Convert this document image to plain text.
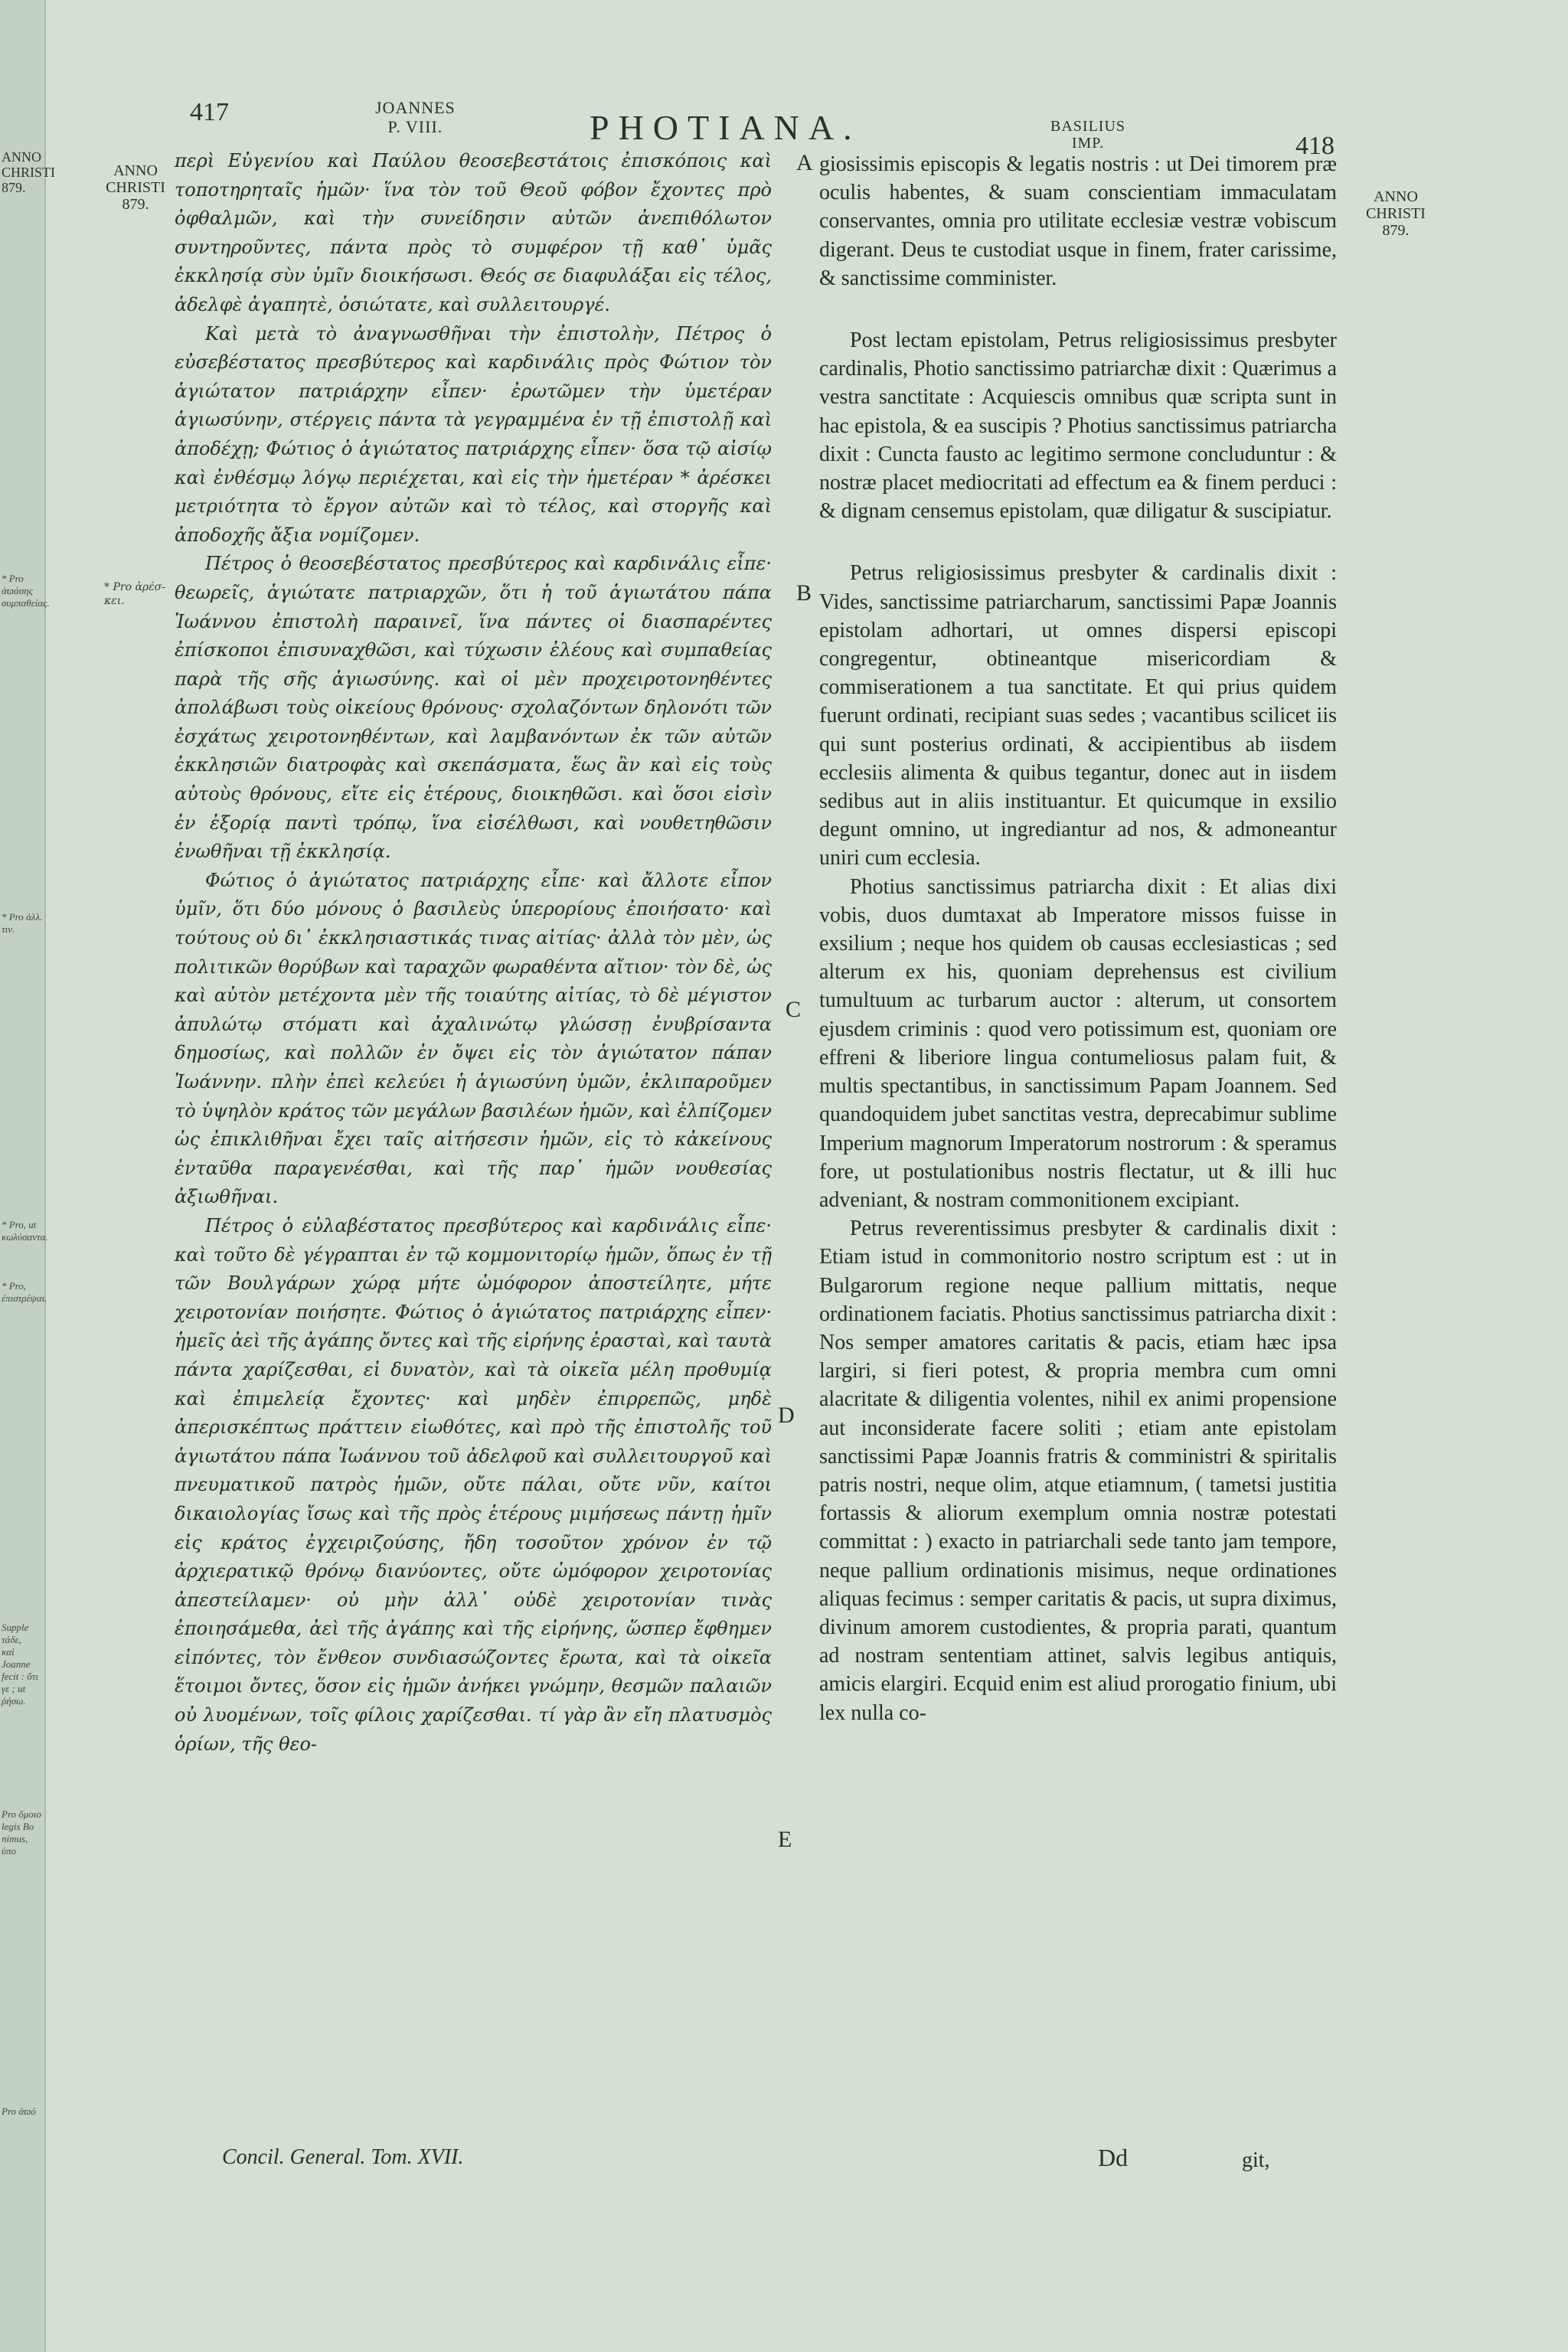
ANNO
CHRISTI
879.
* Pro ἀϖάσης
συμπαθείας.
* Pro ἀλλ.
τιν.
* Pro, ut
κωλύσαντα.
* Pro, ἐπιστρέψαι.
Supple
τάδε,
καὶ Joanne
fecit : ὅτι
γε ; ut
ῥήσω.
Pro ὅμοιο
legis Bo
nimus, ὑπο
Pro ἀϖό
417	JOANNES
P. VIII.	PHOTIANA.	BASILIUS
IMP.	418
ANNO
CHRISTI
879.	ANNO
CHRISTI
879.
* Pro ἀρέσ-
κει.

περὶ Εὐγενίου καὶ Παύλου θεοσεβεστάτοις ἐπισκόποις καὶ τοποτηρηταῖς ἡμῶν· ἵνα τὸν τοῦ Θεοῦ φόβον ἔχοντες πρὸ ὀφθαλμῶν, καὶ τὴν συνείδησιν αὐτῶν ἀνεπιθόλωτον συντηροῦντες, πάντα πρὸς τὸ συμφέρον τῇ καθ᾽ ὑμᾶς ἐκκλησίᾳ σὺν ὑμῖν διοικήσωσι. Θεός σε διαφυλάξαι εἰς τέλος, ἀδελφὲ ἀγαπητὲ, ὁσιώτατε, καὶ συλλειτουργέ.

Καὶ μετὰ τὸ ἀναγνωσθῆναι τὴν ἐπιστολὴν, Πέτρος ὁ εὐσεβέστατος πρεσβύτερος καὶ καρδινάλις πρὸς Φώτιον τὸν ἁγιώτατον πατριάρχην εἶπεν· ἐρωτῶμεν τὴν ὑμετέραν ἁγιωσύνην, στέργεις πάντα τὰ γεγραμμένα ἐν τῇ ἐπιστολῇ καὶ ἀποδέχῃ; Φώτιος ὁ ἁγιώτατος πατριάρχης εἶπεν· ὅσα τῷ αἰσίῳ καὶ ἐνθέσμῳ λόγῳ περιέχεται, καὶ εἰς τὴν ἡμετέραν * ἀρέσκει μετριότητα τὸ ἔργον αὐτῶν καὶ τὸ τέλος, καὶ στοργῆς καὶ ἀποδοχῆς ἄξια νομίζομεν.

Πέτρος ὁ θεοσεβέστατος πρεσβύτερος καὶ καρδινάλις εἶπε· θεωρεῖς, ἁγιώτατε πατριαρχῶν, ὅτι ἡ τοῦ ἁγιωτάτου πάπα Ἰωάννου ἐπιστολὴ παραινεῖ, ἵνα πάντες οἱ διασπαρέντες ἐπίσκοποι ἐπισυναχθῶσι, καὶ τύχωσιν ἐλέους καὶ συμπαθείας παρὰ τῆς σῆς ἁγιωσύνης. καὶ οἱ μὲν προχειροτονηθέντες ἀπολάβωσι τοὺς οἰκείους θρόνους· σχολαζόντων δηλονότι τῶν ἐσχάτως χειροτονηθέντων, καὶ λαμβανόντων ἐκ τῶν αὐτῶν ἐκκλησιῶν διατροφὰς καὶ σκεπάσματα, ἕως ἂν καὶ εἰς τοὺς αὐτοὺς θρόνους, εἴτε εἰς ἑτέρους, διοικηθῶσι. καὶ ὅσοι εἰσὶν ἐν ἐξορίᾳ παντὶ τρόπῳ, ἵνα εἰσέλθωσι, καὶ νουθετηθῶσιν ἑνωθῆναι τῇ ἐκκλησίᾳ.

Φώτιος ὁ ἁγιώτατος πατριάρχης εἶπε· καὶ ἄλλοτε εἶπον ὑμῖν, ὅτι δύο μόνους ὁ βασιλεὺς ὑπερορίους ἐποιήσατο· καὶ τούτους οὐ δι᾽ ἐκκλησιαστικάς τινας αἰτίας· ἀλλὰ τὸν μὲν, ὡς πολιτικῶν θορύβων καὶ ταραχῶν φωραθέντα αἴτιον· τὸν δὲ, ὡς καὶ αὐτὸν μετέχοντα μὲν τῆς τοιαύτης αἰτίας, τὸ δὲ μέγιστον ἀπυλώτῳ στόματι καὶ ἀχαλινώτῳ γλώσσῃ ἐνυβρίσαντα δημοσίως, καὶ πολλῶν ἐν ὄψει εἰς τὸν ἁγιώτατον πάπαν Ἰωάννην. πλὴν ἐπεὶ κελεύει ἡ ἁγιωσύνη ὑμῶν, ἐκλιπαροῦμεν τὸ ὑψηλὸν κράτος τῶν μεγάλων βασιλέων ἡμῶν, καὶ ἐλπίζομεν ὡς ἐπικλιθῆναι ἔχει ταῖς αἰτήσεσιν ἡμῶν, εἰς τὸ κἀκείνους ἐνταῦθα παραγενέσθαι, καὶ τῆς παρ᾽ ἡμῶν νουθεσίας ἀξιωθῆναι.

Πέτρος ὁ εὐλαβέστατος πρεσβύτερος καὶ καρδινάλις εἶπε· καὶ τοῦτο δὲ γέγραπται ἐν τῷ κομμονιτορίῳ ἡμῶν, ὅπως ἐν τῇ τῶν Βουλγάρων χώρᾳ μήτε ὠμόφορον ἀποστείλητε, μήτε χειροτονίαν ποιήσητε. Φώτιος ὁ ἁγιώτατος πατριάρχης εἶπεν· ἡμεῖς ἀεὶ τῆς ἀγάπης ὄντες καὶ τῆς εἰρήνης ἐρασταὶ, καὶ ταυτὰ πάντα χαρίζεσθαι, εἰ δυνατὸν, καὶ τὰ οἰκεῖα μέλη προθυμίᾳ καὶ ἐπιμελείᾳ ἔχοντες· καὶ μηδὲν ἐπιρρεπῶς, μηδὲ ἀπερισκέπτως πράττειν εἰωθότες, καὶ πρὸ τῆς ἐπιστολῆς τοῦ ἁγιωτάτου πάπα Ἰωάννου τοῦ ἀδελφοῦ καὶ συλλειτουργοῦ καὶ πνευματικοῦ πατρὸς ἡμῶν, οὔτε πάλαι, οὔτε νῦν, καίτοι δικαιολογίας ἴσως καὶ τῆς πρὸς ἑτέρους μιμήσεως πάντῃ ἡμῖν εἰς κράτος ἐγχειριζούσης, ἤδη τοσοῦτον χρόνον ἐν τῷ ἀρχιερατικῷ θρόνῳ διανύοντες, οὔτε ὠμόφορον χειροτονίας ἀπεστείλαμεν· οὐ μὴν ἀλλ᾽ οὐδὲ χειροτονίαν τινὰς ἐποιησάμεθα, ἀεὶ τῆς ἀγάπης καὶ τῆς εἰρήνης, ὥσπερ ἔφθημεν εἰπόντες, τὸν ἔνθεον συνδιασώζοντες ἔρωτα, καὶ τὰ οἰκεῖα ἕτοιμοι ὄντες, ὅσον εἰς ἡμῶν ἀνήκει γνώμην, θεσμῶν παλαιῶν οὐ λυομένων, τοῖς φίλοις χαρίζεσθαι. τί γὰρ ἂν εἴη πλατυσμὸς ὁρίων, τῆς θεο-

A
B
C
D
E

giosissimis episcopis & legatis nostris : ut Dei timorem præ oculis habentes, & suam conscientiam immaculatam conservantes, omnia pro utilitate ecclesiæ vestræ vobiscum digerant. Deus te custodiat usque in finem, frater carissime, & sanctissime comminister.

Post lectam epistolam, Petrus religiosissimus presbyter cardinalis, Photio sanctissimo patriarchæ dixit : Quærimus a vestra sanctitate : Acquiescis omnibus quæ scripta sunt in hac epistola, & ea suscipis ? Photius sanctissimus patriarcha dixit : Cuncta fausto ac legitimo sermone concluduntur : & nostræ placet mediocritati ad effectum ea & finem perduci : & dignam censemus epistolam, quæ diligatur & suscipiatur.

Petrus religiosissimus presbyter & cardinalis dixit : Vides, sanctissime patriarcharum, sanctissimi Papæ Joannis epistolam adhortari, ut omnes dispersi episcopi congregentur, obtineantque misericordiam & commiserationem a tua sanctitate. Et qui prius quidem fuerunt ordinati, recipiant suas sedes ; vacantibus scilicet iis qui sunt posterius ordinati, & accipientibus ab iisdem ecclesiis alimenta & quibus tegantur, donec aut in iisdem sedibus aut in aliis instituantur. Et quicumque in exsilio degunt omnino, ut ingrediantur ad nos, & admoneantur uniri cum ecclesia.

Photius sanctissimus patriarcha dixit : Et alias dixi vobis, duos dumtaxat ab Imperatore missos fuisse in exsilium ; neque hos quidem ob causas ecclesiasticas ; sed alterum ex his, quoniam deprehensus est civilium tumultuum ac turbarum auctor : alterum, ut consortem ejusdem criminis : quod vero potissimum est, quoniam ore effreni & liberiore lingua contumeliosus palam fuit, & multis spectantibus, in sanctissimum Papam Joannem. Sed quandoquidem jubet sanctitas vestra, deprecabimur sublime Imperium magnorum Imperatorum nostrorum : & speramus fore, ut postulationibus nostris flectatur, ut & illi huc adveniant, & nostram commonitionem excipiant.

Petrus reverentissimus presbyter & cardinalis dixit : Etiam istud in commonitorio nostro scriptum est : ut in Bulgarorum regione neque pallium mittatis, neque ordinationem faciatis. Photius sanctissimus patriarcha dixit : Nos semper amatores caritatis & pacis, etiam hæc ipsa largiri, si fieri potest, & propria membra cum omni alacritate & diligentia volentes, nihil ex animi propensione aut inconsiderate facere soliti ; etiam ante epistolam sanctissimi Papæ Joannis fratris & comministri & spiritalis patris nostri, neque olim, atque etiamnum, ( tametsi justitia fortassis & aliorum exemplum omnia nostræ potestati committat : ) exacto in patriarchali sede tanto jam tempore, neque pallium ordinationis misimus, neque ordinationes aliquas fecimus : semper caritatis & pacis, ut supra diximus, divinum amorem custodientes, & propria parati, quantum ad nostram sententiam attinet, salvis legibus antiquis, amicis elargiri. Ecquid enim est aliud prorogatio finium, ubi lex nulla co-

Concil. General. Tom. XVII.	Dd	git,
